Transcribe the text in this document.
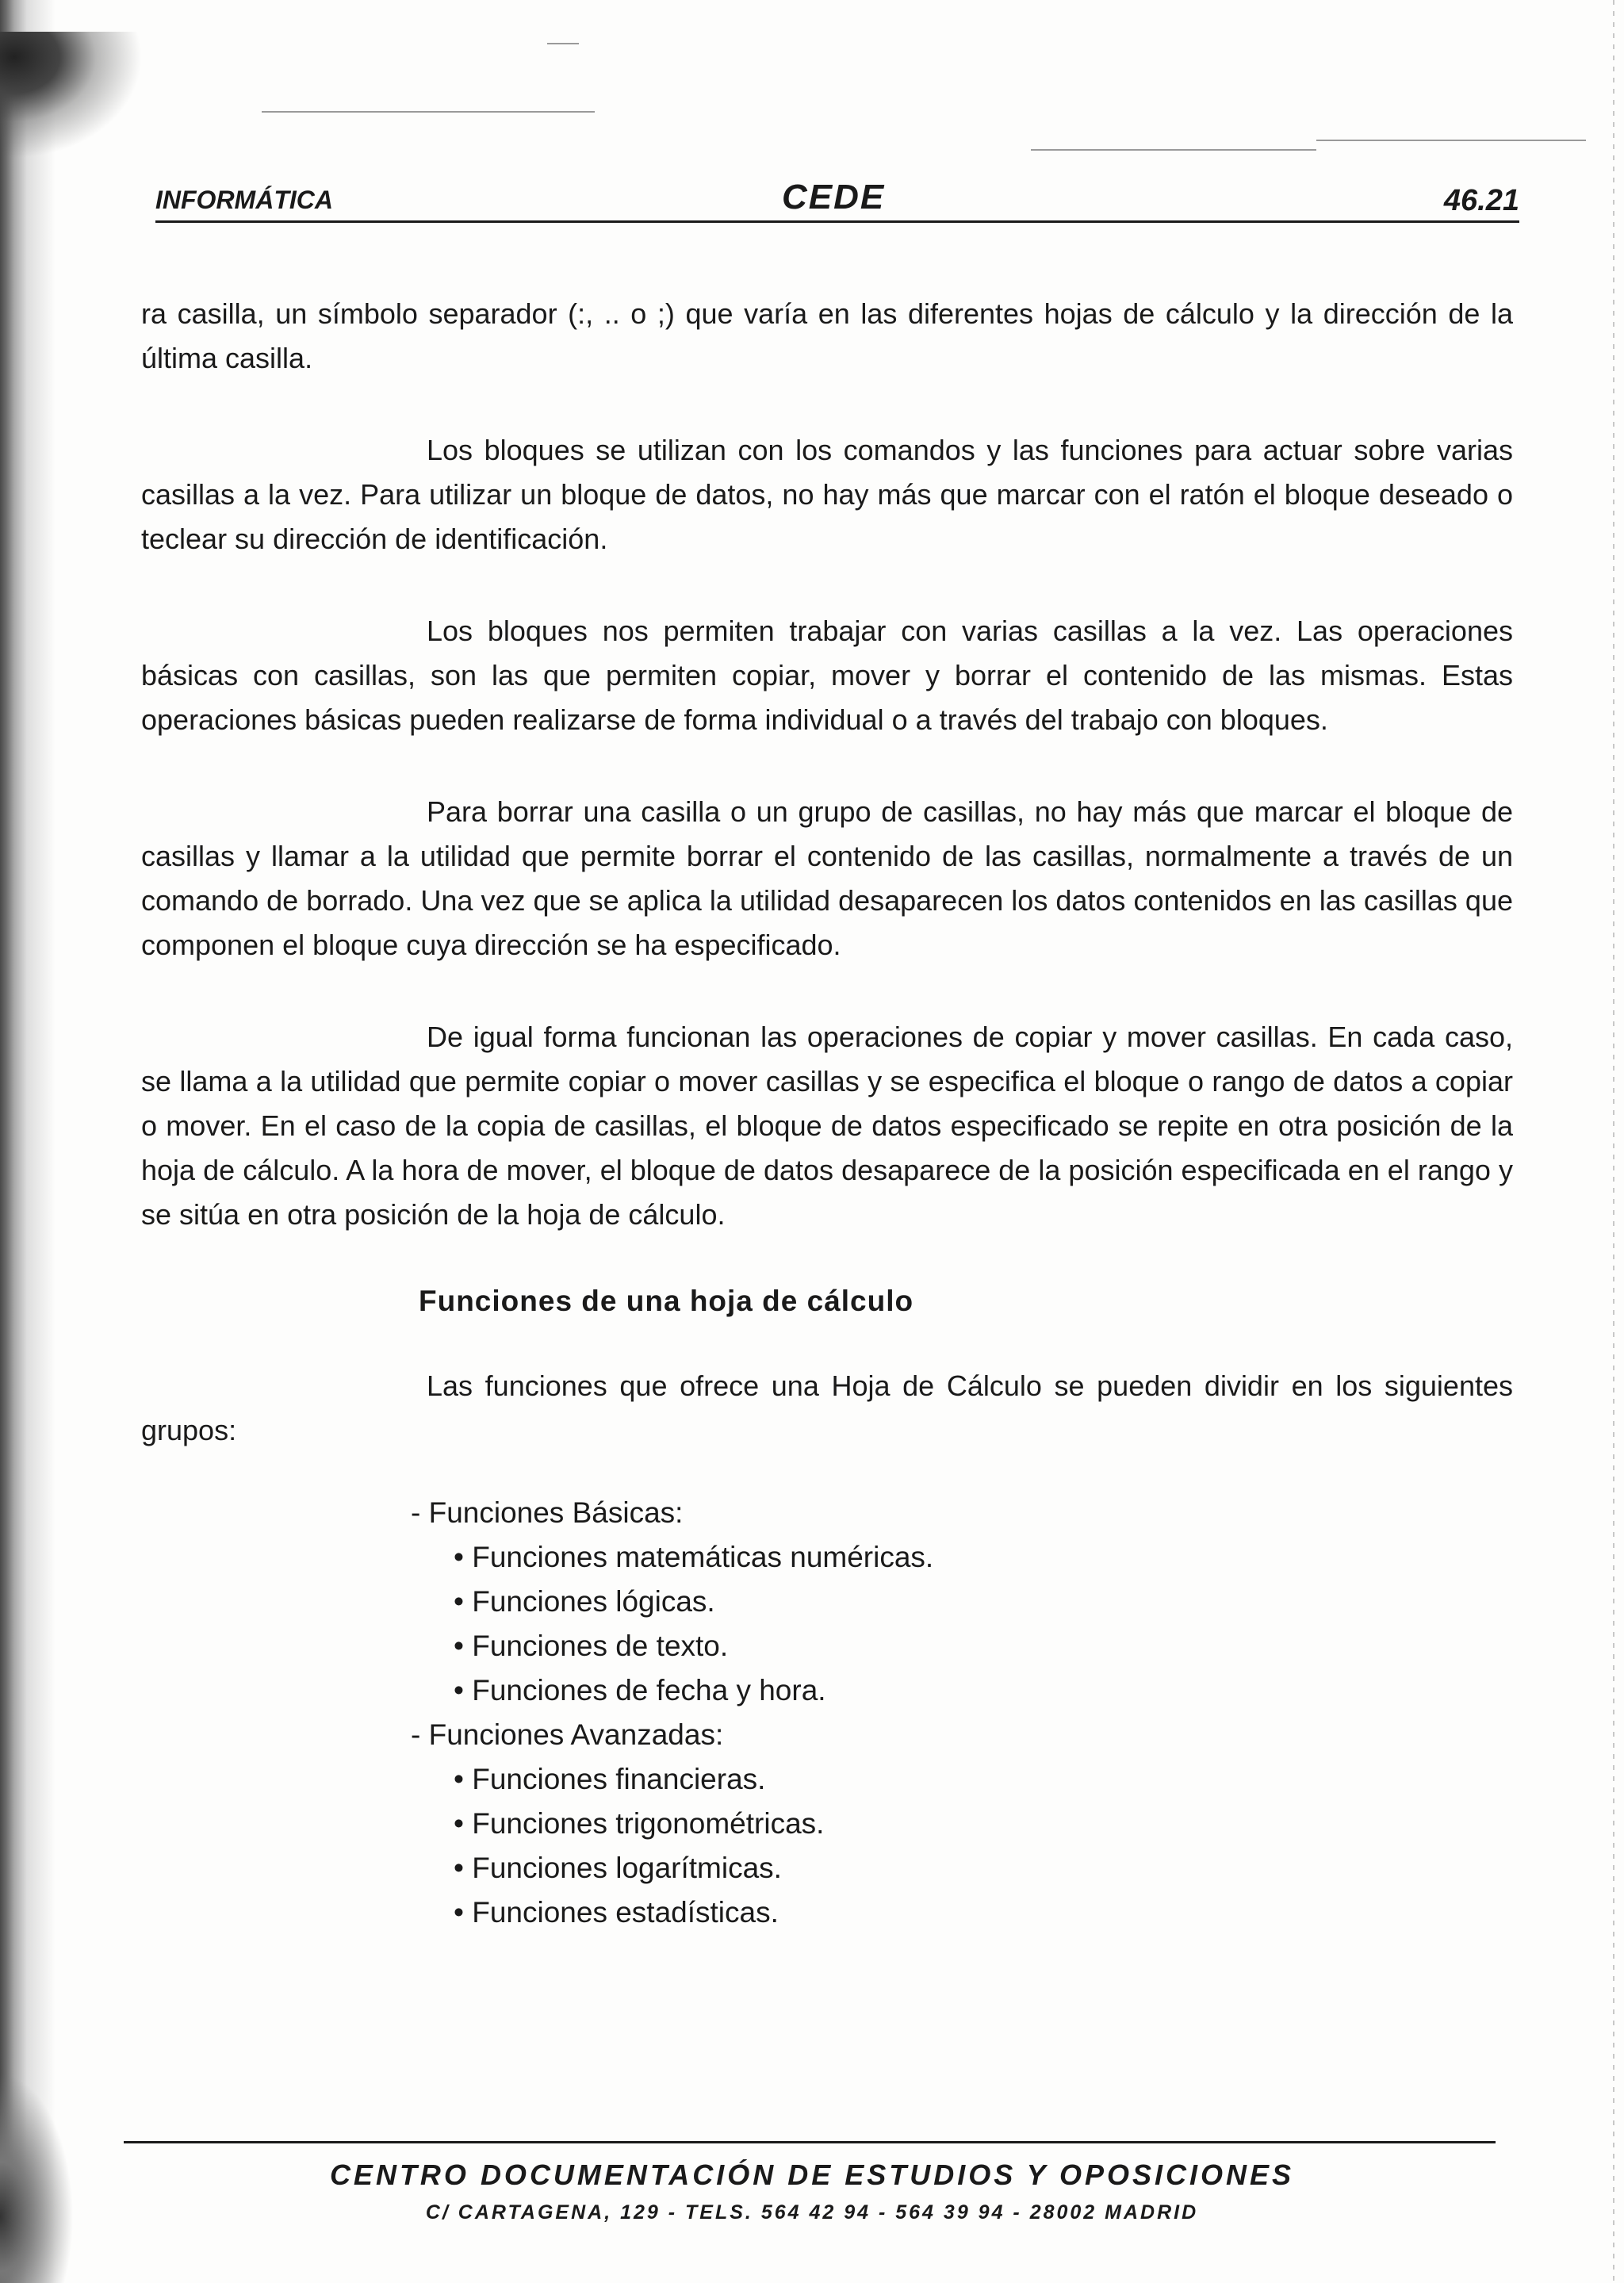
INFORMÁTICA	CEDE	46.21

ra casilla, un símbolo separador (:, .. o ;) que varía en las diferentes hojas de cálculo y la dirección de la última casilla.

Los bloques se utilizan con los comandos y las funciones para actuar sobre varias casillas a la vez. Para utilizar un bloque de datos, no hay más que marcar con el ratón el bloque deseado o teclear su dirección de identificación.

Los bloques nos permiten trabajar con varias casillas a la vez. Las operaciones básicas con casillas, son las que permiten copiar, mover y borrar el contenido de las mismas. Estas operaciones básicas pueden realizarse de forma individual o a través del trabajo con bloques.

Para borrar una casilla o un grupo de casillas, no hay más que marcar el bloque de casillas y llamar a la utilidad que permite borrar el contenido de las casillas, normalmente a través de un comando de borrado. Una vez que se aplica la utilidad desaparecen los datos contenidos en las casillas que componen el bloque cuya dirección se ha especificado.

De igual forma funcionan las operaciones de copiar y mover casillas. En cada caso, se llama a la utilidad que permite copiar o mover casillas y se especifica el bloque o rango de datos a copiar o mover. En el caso de la copia de casillas, el bloque de datos especificado se repite en otra posición de la hoja de cálculo. A la hora de mover, el bloque de datos desaparece de la posición especificada en el rango y se sitúa en otra posición de la hoja de cálculo.

Funciones de una hoja de cálculo

Las funciones que ofrece una Hoja de Cálculo se pueden dividir en los siguientes grupos:

- Funciones Básicas:
• Funciones matemáticas numéricas.
• Funciones lógicas.
• Funciones de texto.
• Funciones de fecha y hora.
- Funciones Avanzadas:
• Funciones financieras.
• Funciones trigonométricas.
• Funciones logarítmicas.
• Funciones estadísticas.
CENTRO DOCUMENTACIÓN DE ESTUDIOS Y OPOSICIONES
C/ CARTAGENA, 129 - TELS. 564 42 94 - 564 39 94 - 28002 MADRID
